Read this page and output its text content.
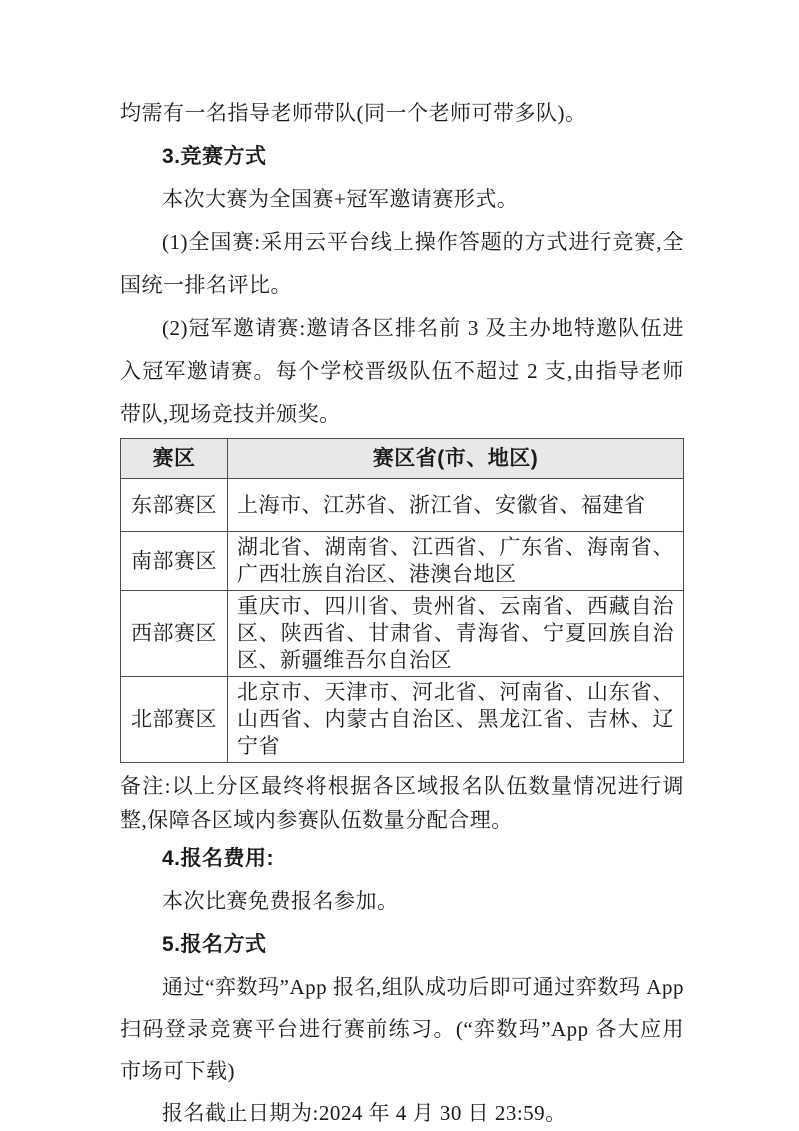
均需有一名指导老师带队(同一个老师可带多队)。

3.竞赛方式

本次大赛为全国赛+冠军邀请赛形式。

(1)全国赛:采用云平台线上操作答题的方式进行竞赛,全国统一排名评比。

(2)冠军邀请赛:邀请各区排名前 3 及主办地特邀队伍进入冠军邀请赛。每个学校晋级队伍不超过 2 支,由指导老师带队,现场竞技并颁奖。

赛区	赛区省(市、地区)
东部赛区	上海市、江苏省、浙江省、安徽省、福建省
南部赛区	湖北省、湖南省、江西省、广东省、海南省、广西壮族自治区、港澳台地区
西部赛区	重庆市、四川省、贵州省、云南省、西藏自治区、陕西省、甘肃省、青海省、宁夏回族自治区、新疆维吾尔自治区
北部赛区	北京市、天津市、河北省、河南省、山东省、山西省、内蒙古自治区、黑龙江省、吉林、辽宁省

备注:以上分区最终将根据各区域报名队伍数量情况进行调整,保障各区域内参赛队伍数量分配合理。

4.报名费用:

本次比赛免费报名参加。

5.报名方式

通过“弈数玛”App 报名,组队成功后即可通过弈数玛 App 扫码登录竞赛平台进行赛前练习。(“弈数玛”App 各大应用市场可下载)

报名截止日期为:2024 年 4 月 30 日 23:59。
